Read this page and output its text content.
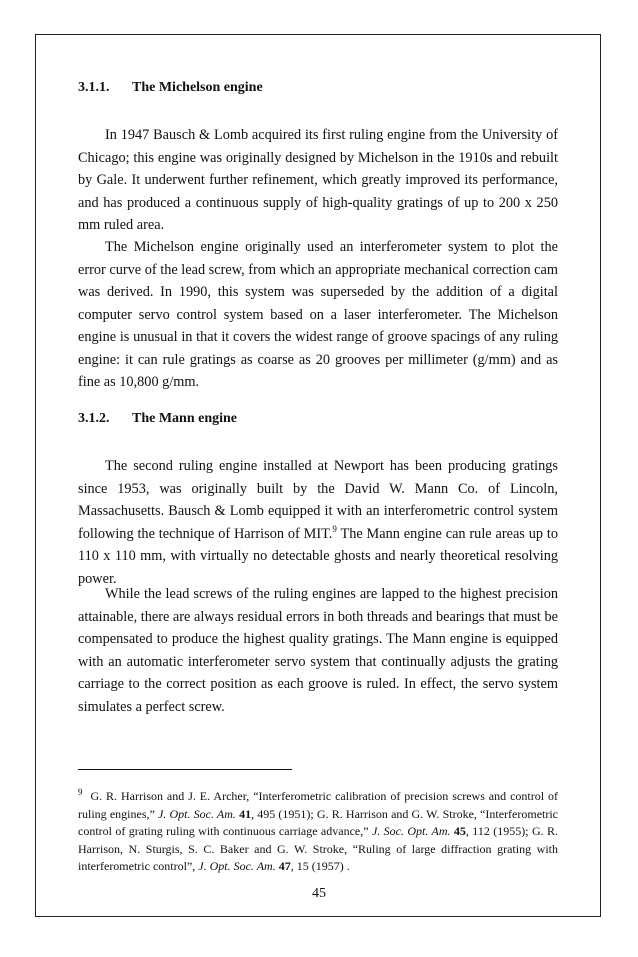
3.1.1.	The Michelson engine

In 1947 Bausch & Lomb acquired its first ruling engine from the University of Chicago; this engine was originally designed by Michelson in the 1910s and rebuilt by Gale. It underwent further refinement, which greatly improved its performance, and has produced a continuous supply of high-quality gratings of up to 200 x 250 mm ruled area.

The Michelson engine originally used an interferometer system to plot the error curve of the lead screw, from which an appropriate mechanical correction cam was derived. In 1990, this system was superseded by the addition of a digital computer servo control system based on a laser interferometer. The Michelson engine is unusual in that it covers the widest range of groove spacings of any ruling engine: it can rule gratings as coarse as 20 grooves per millimeter (g/mm) and as fine as 10,800 g/mm.

3.1.2.	The Mann engine

The second ruling engine installed at Newport has been producing gratings since 1953, was originally built by the David W. Mann Co. of Lincoln, Massachusetts. Bausch & Lomb equipped it with an interferometric control system following the technique of Harrison of MIT.$^9$ The Mann engine can rule areas up to 110 x 110 mm, with virtually no detectable ghosts and nearly theoretical resolving power.

While the lead screws of the ruling engines are lapped to the highest precision attainable, there are always residual errors in both threads and bearings that must be compensated to produce the highest quality gratings. The Mann engine is equipped with an automatic interferometer servo system that continually adjusts the grating carriage to the correct position as each groove is ruled. In effect, the servo system simulates a perfect screw.

$^9$ G. R. Harrison and J. E. Archer, “Interferometric calibration of precision screws and control of ruling engines,” J. Opt. Soc. Am. 41, 495 (1951); G. R. Harrison and G. W. Stroke, “Interferometric control of grating ruling with continuous carriage advance,” J. Soc. Opt. Am. 45, 112 (1955); G. R. Harrison, N. Sturgis, S. C. Baker and G. W. Stroke, “Ruling of large diffraction grating with interferometric control”, J. Opt. Soc. Am. 47, 15 (1957) .

45
